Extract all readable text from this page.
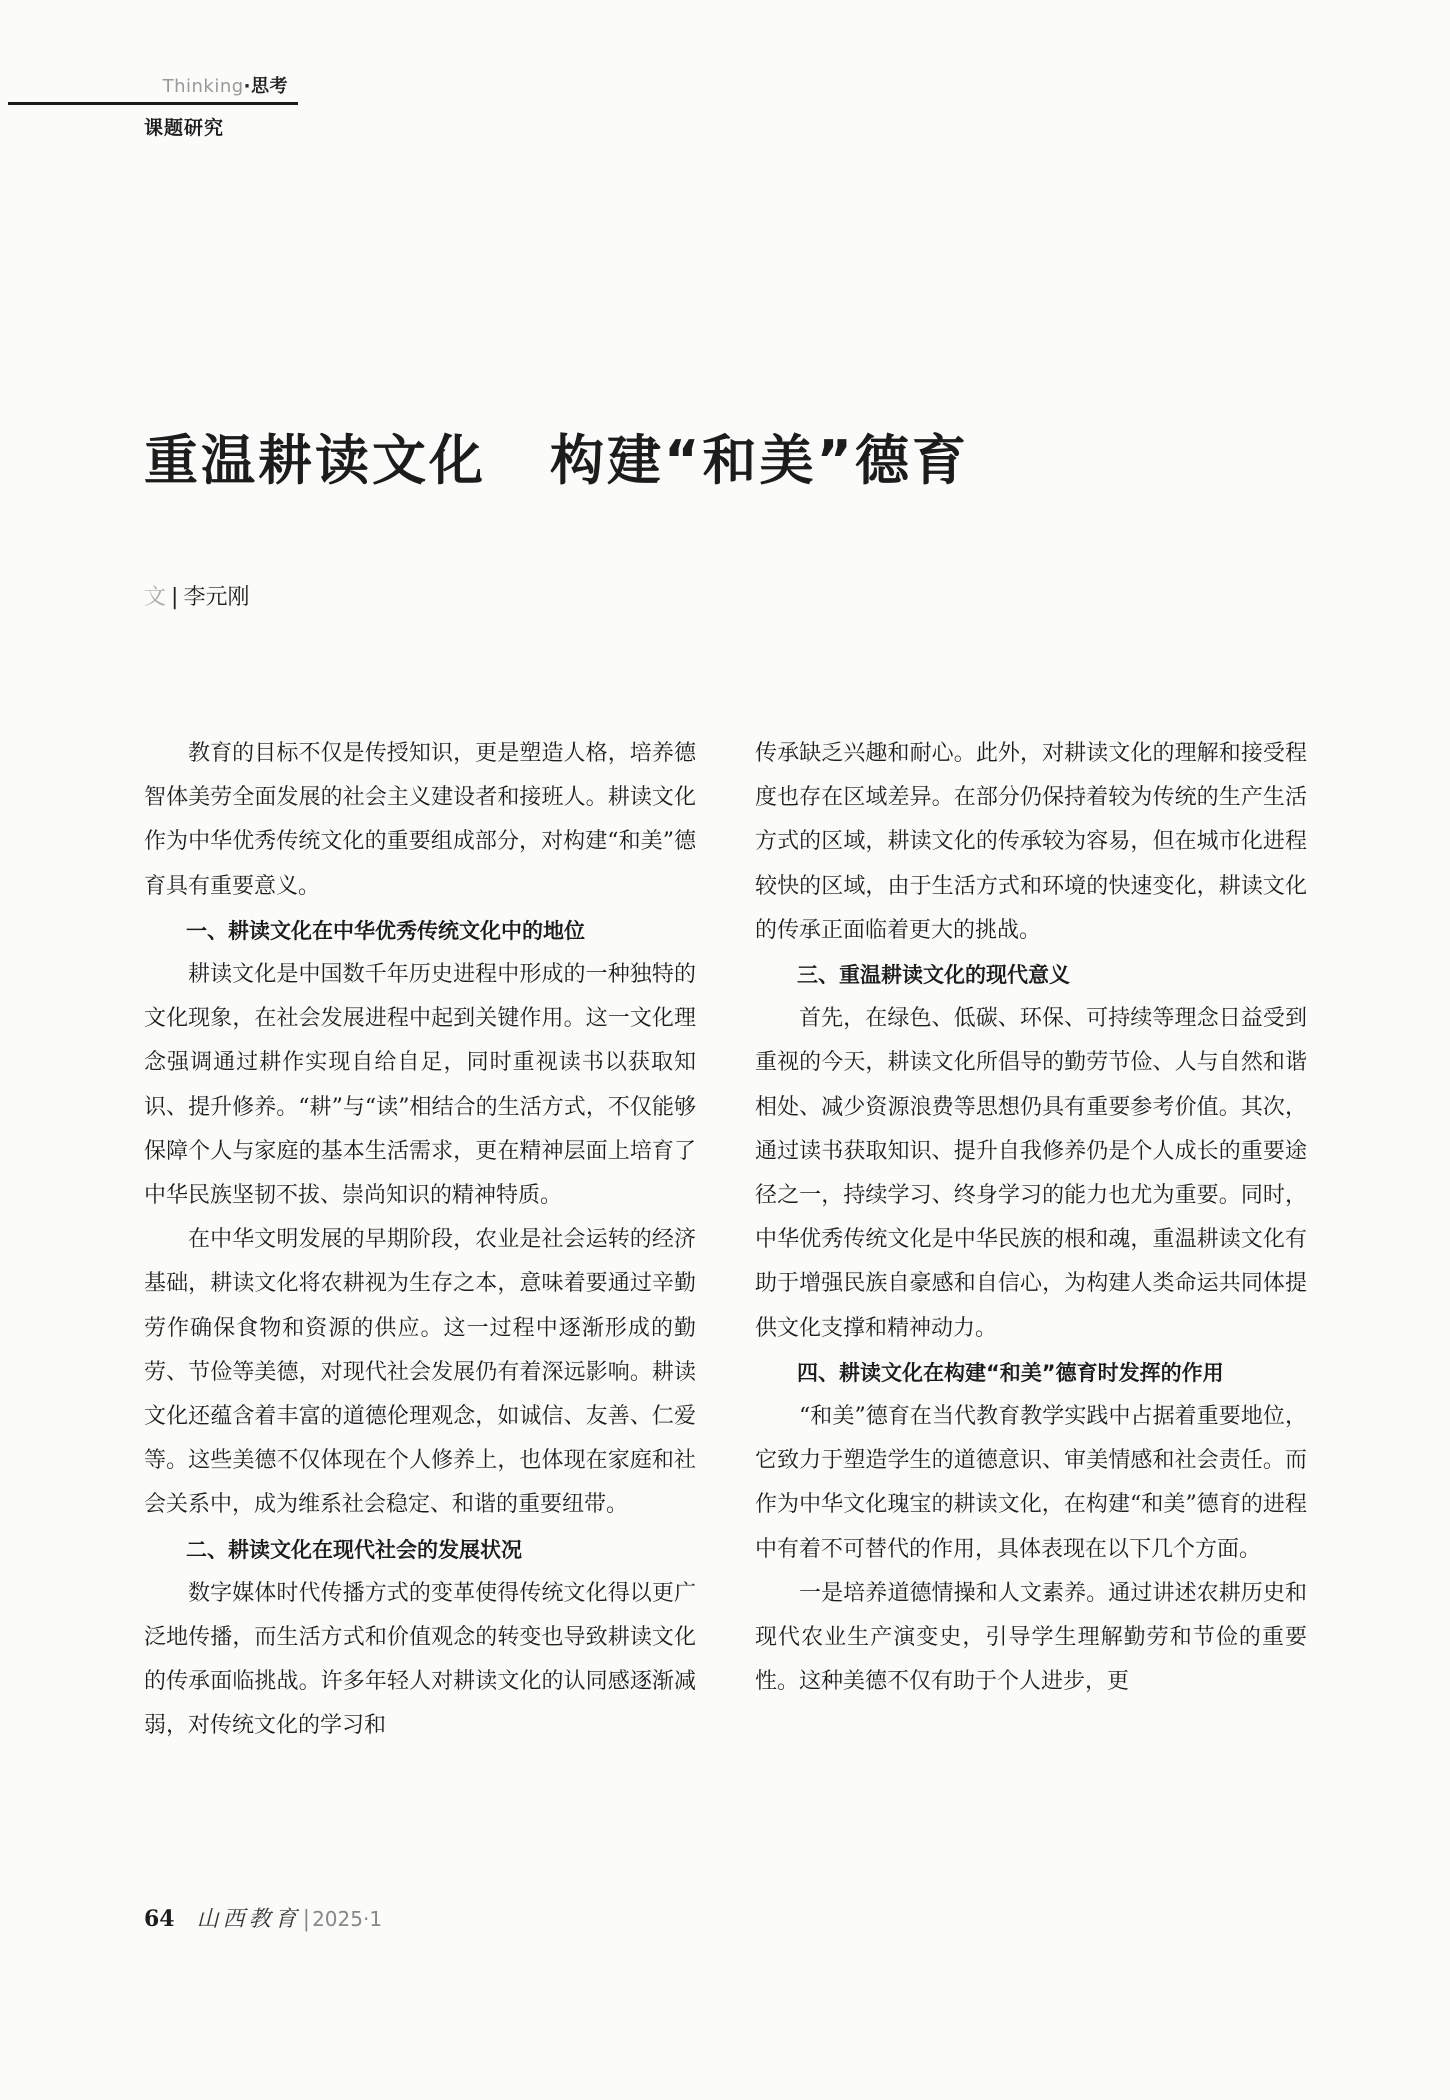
Thinking·思考
课题研究
重温耕读文化 构建“和美”德育
文 | 李元刚

教育的目标不仅是传授知识，更是塑造人格，培养德智体美劳全面发展的社会主义建设者和接班人。耕读文化作为中华优秀传统文化的重要组成部分，对构建“和美”德育具有重要意义。

一、耕读文化在中华优秀传统文化中的地位

耕读文化是中国数千年历史进程中形成的一种独特的文化现象，在社会发展进程中起到关键作用。这一文化理念强调通过耕作实现自给自足，同时重视读书以获取知识、提升修养。“耕”与“读”相结合的生活方式，不仅能够保障个人与家庭的基本生活需求，更在精神层面上培育了中华民族坚韧不拔、崇尚知识的精神特质。

在中华文明发展的早期阶段，农业是社会运转的经济基础，耕读文化将农耕视为生存之本，意味着要通过辛勤劳作确保食物和资源的供应。这一过程中逐渐形成的勤劳、节俭等美德，对现代社会发展仍有着深远影响。耕读文化还蕴含着丰富的道德伦理观念，如诚信、友善、仁爱等。这些美德不仅体现在个人修养上，也体现在家庭和社会关系中，成为维系社会稳定、和谐的重要纽带。

二、耕读文化在现代社会的发展状况

数字媒体时代传播方式的变革使得传统文化得以更广泛地传播，而生活方式和价值观念的转变也导致耕读文化的传承面临挑战。许多年轻人对耕读文化的认同感逐渐减弱，对传统文化的学习和

传承缺乏兴趣和耐心。此外，对耕读文化的理解和接受程度也存在区域差异。在部分仍保持着较为传统的生产生活方式的区域，耕读文化的传承较为容易，但在城市化进程较快的区域，由于生活方式和环境的快速变化，耕读文化的传承正面临着更大的挑战。

三、重温耕读文化的现代意义

首先，在绿色、低碳、环保、可持续等理念日益受到重视的今天，耕读文化所倡导的勤劳节俭、人与自然和谐相处、减少资源浪费等思想仍具有重要参考价值。其次，通过读书获取知识、提升自我修养仍是个人成长的重要途径之一，持续学习、终身学习的能力也尤为重要。同时，中华优秀传统文化是中华民族的根和魂，重温耕读文化有助于增强民族自豪感和自信心，为构建人类命运共同体提供文化支撑和精神动力。

四、耕读文化在构建“和美”德育时发挥的作用

“和美”德育在当代教育教学实践中占据着重要地位，它致力于塑造学生的道德意识、审美情感和社会责任。而作为中华文化瑰宝的耕读文化，在构建“和美”德育的进程中有着不可替代的作用，具体表现在以下几个方面。

一是培养道德情操和人文素养。通过讲述农耕历史和现代农业生产演变史，引导学生理解勤劳和节俭的重要性。这种美德不仅有助于个人进步，更

64 山西教育| 2025·1
